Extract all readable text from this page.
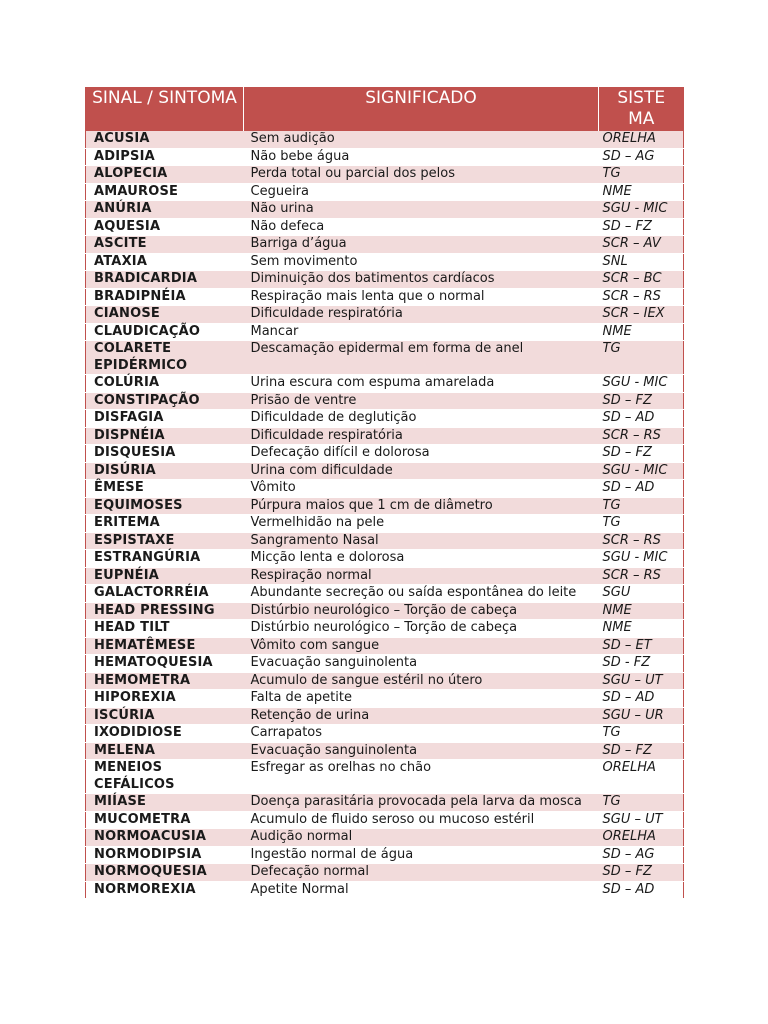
SINAL / SINTOMA	SIGNIFICADO	SISTE MA
ACUSIA	Sem audição	ORELHA
ADIPSIA	Não bebe água	SD – AG
ALOPECIA	Perda total ou parcial dos pelos	TG
AMAUROSE	Cegueira	NME
ANÚRIA	Não urina	SGU - MIC
AQUESIA	Não defeca	SD – FZ
ASCITE	Barriga d’água	SCR – AV
ATAXIA	Sem movimento	SNL
BRADICARDIA	Diminuição dos batimentos cardíacos	SCR – BC
BRADIPNÉIA	Respiração mais lenta que o normal	SCR – RS
CIANOSE	Dificuldade respiratória	SCR – IEX
CLAUDICAÇÃO	Mancar	NME
COLARETE EPIDÉRMICO	Descamação epidermal em forma de anel	TG
COLÚRIA	Urina escura com espuma amarelada	SGU - MIC
CONSTIPAÇÃO	Prisão de ventre	SD – FZ
DISFAGIA	Dificuldade de deglutição	SD – AD
DISPNÉIA	Dificuldade respiratória	SCR – RS
DISQUESIA	Defecação difícil e dolorosa	SD – FZ
DISÚRIA	Urina com dificuldade	SGU - MIC
ÊMESE	Vômito	SD – AD
EQUIMOSES	Púrpura maios que 1 cm de diâmetro	TG
ERITEMA	Vermelhidão na pele	TG
ESPISTAXE	Sangramento Nasal	SCR – RS
ESTRANGÚRIA	Micção lenta e dolorosa	SGU - MIC
EUPNÉIA	Respiração normal	SCR – RS
GALACTORRÉIA	Abundante secreção ou saída espontânea do leite	SGU
HEAD PRESSING	Distúrbio neurológico – Torção de cabeça	NME
HEAD TILT	Distúrbio neurológico – Torção de cabeça	NME
HEMATÊMESE	Vômito com sangue	SD – ET
HEMATOQUESIA	Evacuação sanguinolenta	SD - FZ
HEMOMETRA	Acumulo de sangue estéril no útero	SGU – UT
HIPOREXIA	Falta de apetite	SD – AD
ISCÚRIA	Retenção de urina	SGU – UR
IXODIDIOSE	Carrapatos	TG
MELENA	Evacuação sanguinolenta	SD – FZ
MENEIOS CEFÁLICOS	Esfregar as orelhas no chão	ORELHA
MIÍASE	Doença parasitária provocada pela larva da mosca	TG
MUCOMETRA	Acumulo de fluido seroso ou mucoso estéril	SGU – UT
NORMOACUSIA	Audição normal	ORELHA
NORMODIPSIA	Ingestão normal de água	SD – AG
NORMOQUESIA	Defecação normal	SD – FZ
NORMOREXIA	Apetite Normal	SD – AD
